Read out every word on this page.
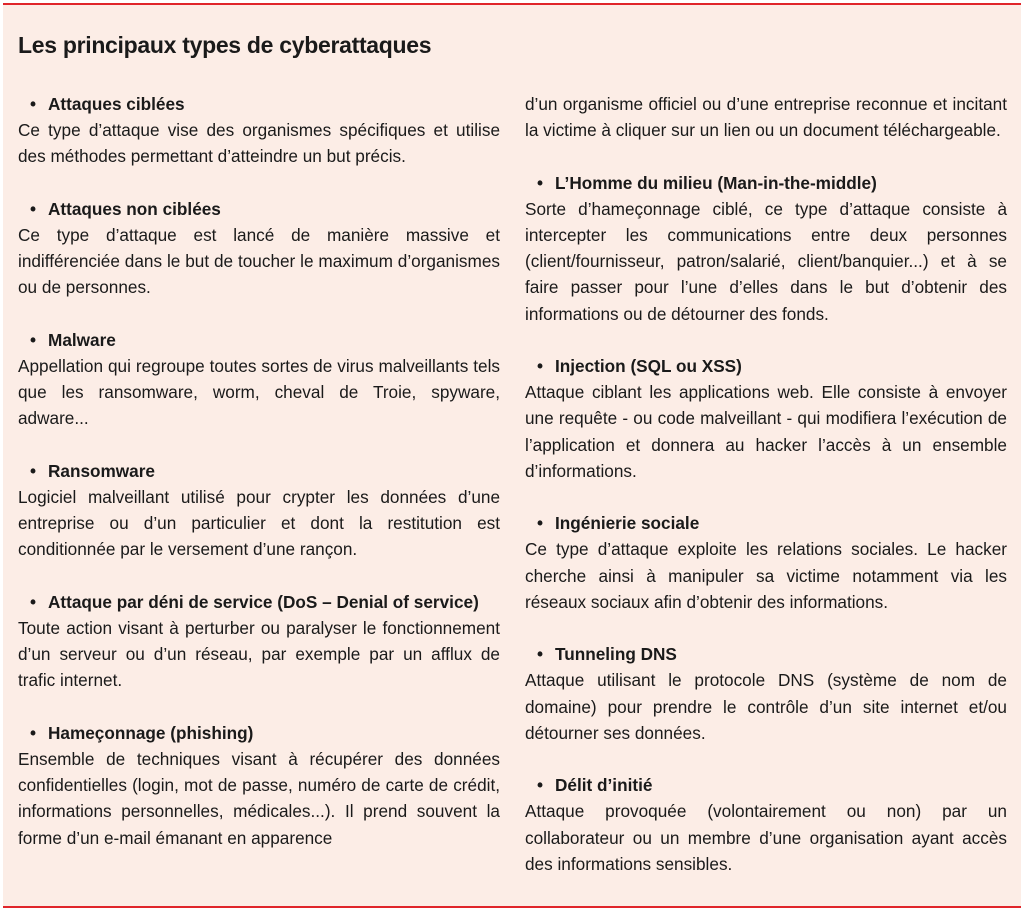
Les principaux types de cyberattaques
• Attaques ciblées
Ce type d’attaque vise des organismes spécifiques et utilise des méthodes permettant d’atteindre un but précis.
• Attaques non ciblées
Ce type d’attaque est lancé de manière massive et indifférenciée dans le but de toucher le maximum d’organismes ou de personnes.
• Malware
Appellation qui regroupe toutes sortes de virus malveillants tels que les ransomware, worm, cheval de Troie, spyware, adware...
• Ransomware
Logiciel malveillant utilisé pour crypter les données d’une entreprise ou d’un particulier et dont la restitution est conditionnée par le versement d’une rançon.
• Attaque par déni de service (DoS – Denial of service)
Toute action visant à perturber ou paralyser le fonctionnement d’un serveur ou d’un réseau, par exemple par un afflux de trafic internet.
• Hameçonnage (phishing)
Ensemble de techniques visant à récupérer des données confidentielles (login, mot de passe, numéro de carte de crédit, informations personnelles, médicales...). Il prend souvent la forme d’un e-mail émanant en apparence
d’un organisme officiel ou d’une entreprise reconnue et incitant la victime à cliquer sur un lien ou un document téléchargeable.
• L’Homme du milieu (Man-in-the-middle)
Sorte d’hameçonnage ciblé, ce type d’attaque consiste à intercepter les communications entre deux personnes (client/fournisseur, patron/salarié, client/banquier...) et à se faire passer pour l’une d’elles dans le but d’obtenir des informations ou de détourner des fonds.
• Injection (SQL ou XSS)
Attaque ciblant les applications web. Elle consiste à envoyer une requête - ou code malveillant - qui modifiera l’exécution de l’application et donnera au hacker l’accès à un ensemble d’informations.
• Ingénierie sociale
Ce type d’attaque exploite les relations sociales. Le hacker cherche ainsi à manipuler sa victime notamment via les réseaux sociaux afin d’obtenir des informations.
• Tunneling DNS
Attaque utilisant le protocole DNS (système de nom de domaine) pour prendre le contrôle d’un site internet et/ou détourner ses données.
• Délit d’initié
Attaque provoquée (volontairement ou non) par un collaborateur ou un membre d’une organisation ayant accès des informations sensibles.
